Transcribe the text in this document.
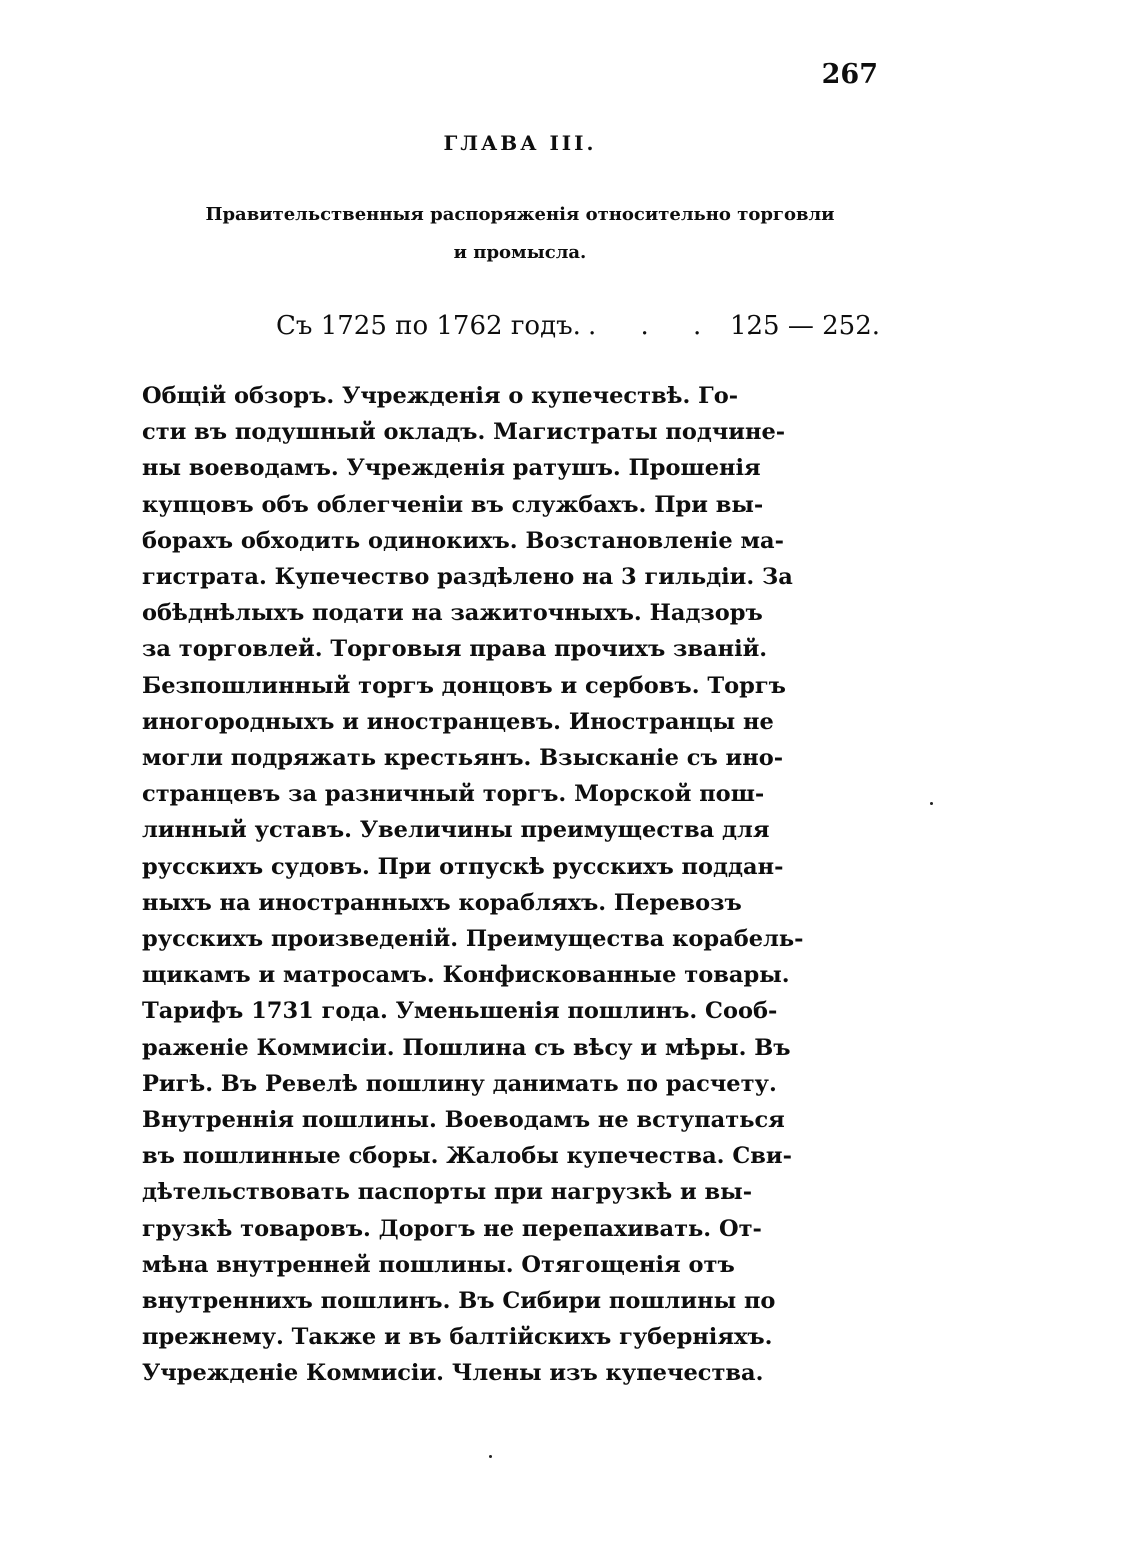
267
ГЛАВА III.
Правительственныя распоряженія относительно торговли
и промысла.
Съ 1725 по 1762 годъ. . . . .
125 — 252.
Общій обзоръ. Учрежденія о купечествѣ. Го-
сти въ подушный окладъ. Магистраты подчине-
ны воеводамъ. Учрежденія ратушъ. Прошенія
купцовъ объ облегченіи въ службахъ. При вы-
борахъ обходить одинокихъ. Возстановленіе ма-
гистрата. Купечество раздѣлено на 3 гильдіи. За
обѣднѣлыхъ подати на зажиточныхъ. Надзоръ
за торговлей. Торговыя права прочихъ званій.
Безпошлинный торгъ донцовъ и сербовъ. Торгъ
иногородныхъ и иностранцевъ. Иностранцы не
могли подряжать крестьянъ. Взысканіе съ ино-
странцевъ за разничный торгъ. Морской пош-
линный уставъ. Увеличины преимущества для
русскихъ судовъ. При отпускѣ русскихъ поддан-
ныхъ на иностранныхъ корабляхъ. Перевозъ
русскихъ произведеній. Преимущества корабель-
щикамъ и матросамъ. Конфискованные товары.
Тарифъ 1731 года. Уменьшенія пошлинъ. Сооб-
раженіе Коммисіи. Пошлина съ вѣсу и мѣры. Въ
Ригѣ. Въ Ревелѣ пошлину данимать по расчету.
Внутреннія пошлины. Воеводамъ не вступаться
въ пошлинные сборы. Жалобы купечества. Сви-
дѣтельствовать паспорты при нагрузкѣ и вы-
грузкѣ товаровъ. Дорогъ не перепахивать. От-
мѣна внутренней пошлины. Отягощенія отъ
внутреннихъ пошлинъ. Въ Сибири пошлины по
прежнему. Также и въ балтійскихъ губерніяхъ.
Учрежденіе Коммисіи. Члены изъ купечества.
